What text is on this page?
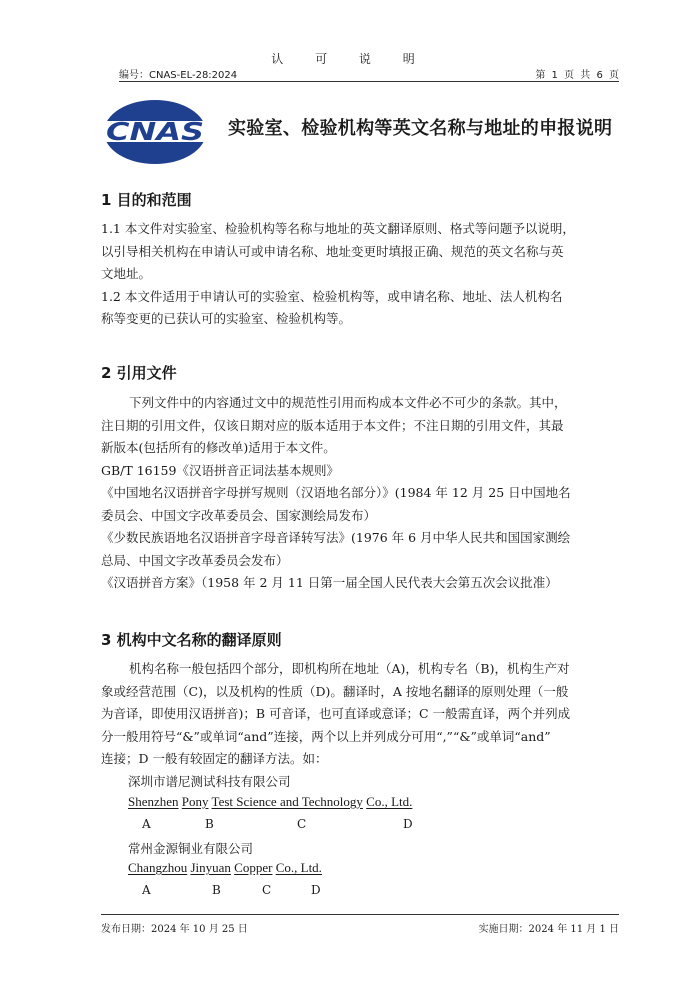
认 可 说 明
编号：CNAS-EL-28:2024	第 1 页 共 6 页
CNAS 实验室、检验机构等英文名称与地址的申报说明
1 目的和范围
1.1 本文件对实验室、检验机构等名称与地址的英文翻译原则、格式等问题予以说明，
以引导相关机构在申请认可或申请名称、地址变更时填报正确、规范的英文名称与英
文地址。
1.2 本文件适用于申请认可的实验室、检验机构等，或申请名称、地址、法人机构名
称等变更的已获认可的实验室、检验机构等。
2 引用文件
下列文件中的内容通过文中的规范性引用而构成本文件必不可少的条款。其中，
注日期的引用文件，仅该日期对应的版本适用于本文件；不注日期的引用文件，其最
新版本(包括所有的修改单)适用于本文件。
GB/T 16159《汉语拼音正词法基本规则》
《中国地名汉语拼音字母拼写规则（汉语地名部分）》(1984 年 12 月 25 日中国地名
委员会、中国文字改革委员会、国家测绘局发布）
《少数民族语地名汉语拼音字母音译转写法》(1976 年 6 月中华人民共和国国家测绘
总局、中国文字改革委员会发布）
《汉语拼音方案》（1958 年 2 月 11 日第一届全国人民代表大会第五次会议批准）
3 机构中文名称的翻译原则
机构名称一般包括四个部分，即机构所在地址（A)，机构专名（B)，机构生产对
象或经营范围（C)，以及机构的性质（D)。翻译时，A 按地名翻译的原则处理（一般
为音译，即使用汉语拼音)；B 可音译，也可直译或意译；C 一般需直译，两个并列成
分一般用符号“&”或单词“and”连接，两个以上并列成分可用“,”“&”或单词“and”
连接；D 一般有较固定的翻译方法。如：
深圳市谱尼测试科技有限公司
Shenzhen Pony Test Science and Technology Co., Ltd.
A	B	C	D
常州金源铜业有限公司
Changzhou Jinyuan Copper Co., Ltd.
A	B	C	D
发布日期：2024 年 10 月 25 日	实施日期：2024 年 11 月 1 日
